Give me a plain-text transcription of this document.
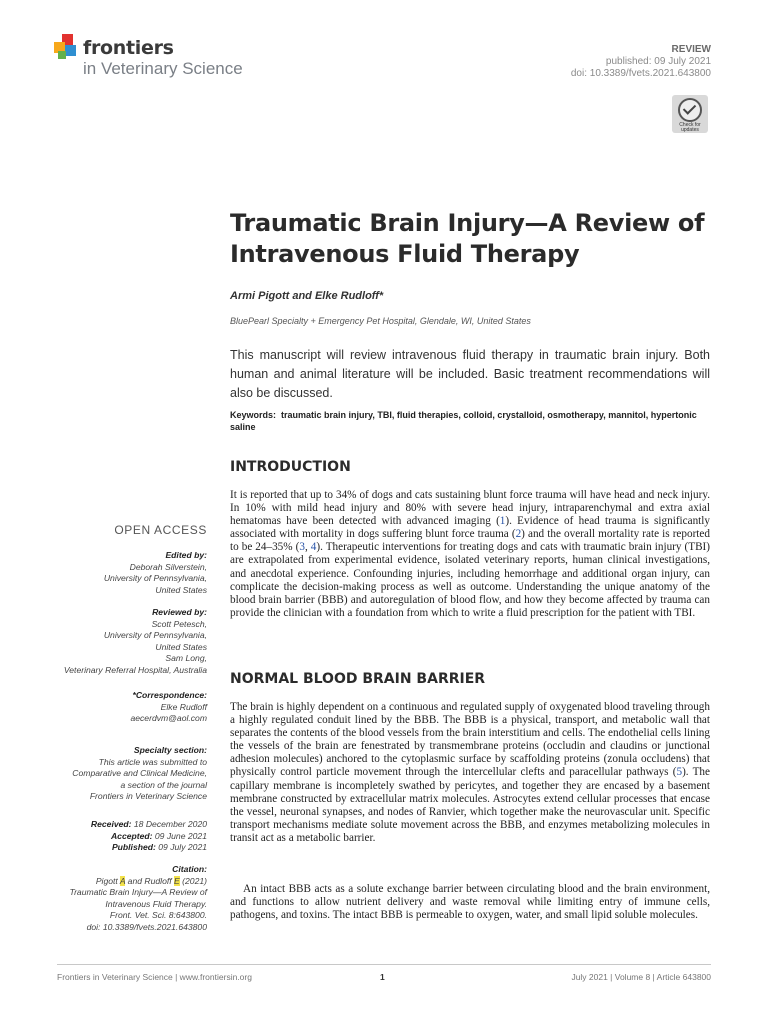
frontiers
in Veterinary Science
REVIEW
published: 09 July 2021
doi: 10.3389/fvets.2021.643800
Check for updates
Traumatic Brain Injury—A Review of Intravenous Fluid Therapy
Armi Pigott and Elke Rudloff*
BluePearl Specialty + Emergency Pet Hospital, Glendale, WI, United States

This manuscript will review intravenous fluid therapy in traumatic brain injury. Both human and animal literature will be included. Basic treatment recommendations will also be discussed.

Keywords: traumatic brain injury, TBI, fluid therapies, colloid, crystalloid, osmotherapy, mannitol, hypertonic saline
INTRODUCTION

It is reported that up to 34% of dogs and cats sustaining blunt force trauma will have head and neck injury. In 10% with mild head injury and 80% with severe head injury, intraparenchymal and extra axial hematomas have been detected with advanced imaging (1). Evidence of head trauma is significantly associated with mortality in dogs suffering blunt force trauma (2) and the overall mortality rate is reported to be 24–35% (3, 4). Therapeutic interventions for treating dogs and cats with traumatic brain injury (TBI) are extrapolated from experimental evidence, isolated veterinary reports, human clinical investigations, and anecdotal experience. Confounding injuries, including hemorrhage and additional organ injury, can complicate the decision-making process as well as outcome. Understanding the unique anatomy of the blood brain barrier (BBB) and autoregulation of blood flow, and how they become affected by trauma can provide the clinician with a foundation from which to write a fluid prescription for the patient with TBI.

NORMAL BLOOD BRAIN BARRIER

The brain is highly dependent on a continuous and regulated supply of oxygenated blood traveling through a highly regulated conduit lined by the BBB. The BBB is a physical, transport, and metabolic wall that separates the contents of the blood vessels from the brain interstitium and cells. The endothelial cells lining the vessels of the brain are fenestrated by transmembrane proteins (occludin and claudins or junctional adhesion molecules) anchored to the cytoplasmic surface by scaffolding proteins (zonula occludens) that physically control particle movement through the intercellular clefts and paracellular pathways (5). The capillary membrane is incompletely swathed by pericytes, and together they are encased by a basement membrane constructed by extracellular matrix molecules. Astrocytes extend cellular processes that encase the vessel, neuronal synapses, and nodes of Ranvier, which together make the neurovascular unit. Specific transport mechanisms mediate solute movement across the BBB, and enzymes metabolizing molecules in transit act as a metabolic barrier.

An intact BBB acts as a solute exchange barrier between circulating blood and the brain environment, and functions to allow nutrient delivery and waste removal while limiting entry of immune cells, pathogens, and toxins. The intact BBB is permeable to oxygen, water, and small lipid soluble molecules.

OPEN ACCESS
Edited by:
Deborah Silverstein,
University of Pennsylvania,
United States
Reviewed by:
Scott Petesch,
University of Pennsylvania,
United States
Sam Long,
Veterinary Referral Hospital, Australia
*Correspondence:
Elke Rudloff
aecerdvm@aol.com
Specialty section:
This article was submitted to
Comparative and Clinical Medicine,
a section of the journal
Frontiers in Veterinary Science
Received: 18 December 2020
Accepted: 09 June 2021
Published: 09 July 2021
Citation:
Pigott A and Rudloff E (2021)
Traumatic Brain Injury—A Review of
Intravenous Fluid Therapy.
Front. Vet. Sci. 8:643800.
doi: 10.3389/fvets.2021.643800
Frontiers in Veterinary Science | www.frontiersin.org	1	July 2021 | Volume 8 | Article 643800
